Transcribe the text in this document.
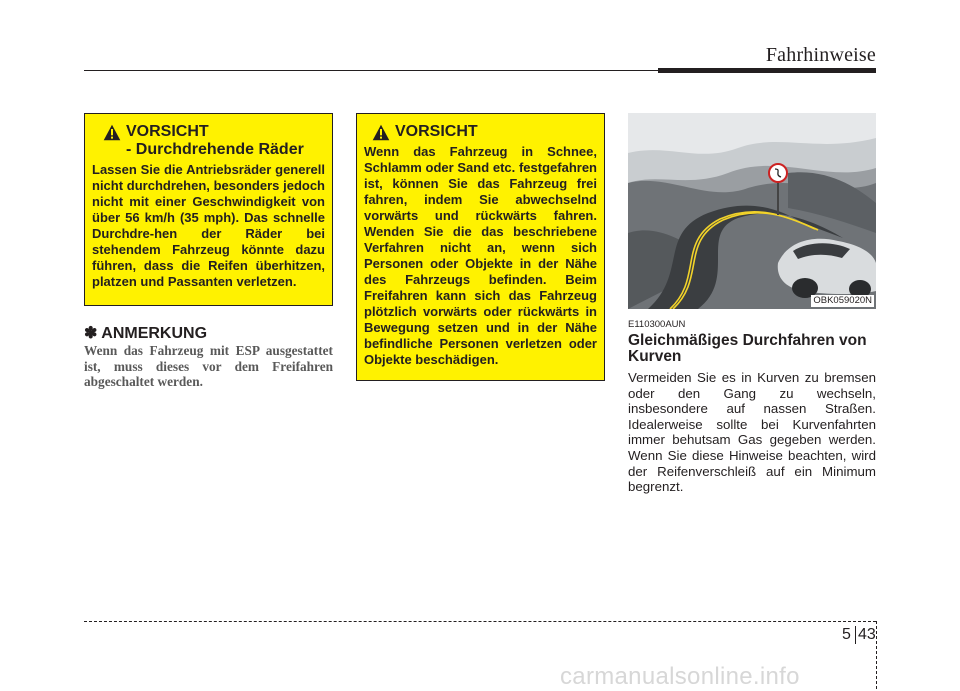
Fahrhinweise
VORSICHT
- Durchdrehende Räder
Lassen Sie die Antriebsräder generell nicht durchdrehen, besonders jedoch nicht mit einer Geschwindigkeit von über 56 km/h (35 mph). Das schnelle Durchdre-hen der Räder bei stehendem Fahrzeug könnte dazu führen, dass die Reifen überhitzen, platzen und Passanten verletzen.
✽ ANMERKUNG
Wenn das Fahrzeug mit ESP ausgestattet ist, muss dieses vor dem Freifahren abgeschaltet werden.
VORSICHT
Wenn das Fahrzeug in Schnee, Schlamm oder Sand etc. festgefahren ist, können Sie das Fahrzeug frei fahren, indem Sie abwechselnd vorwärts und rückwärts fahren. Wenden Sie die das beschriebene Verfahren nicht an, wenn sich Personen oder Objekte in der Nähe des Fahrzeugs befinden. Beim Freifahren kann sich das Fahrzeug plötzlich vorwärts oder rückwärts in Bewegung setzen und in der Nähe befindliche Personen verletzen oder Objekte beschädigen.
OBK059020N
E110300AUN
Gleichmäßiges Durchfahren von Kurven
Vermeiden Sie es in Kurven zu bremsen oder den Gang zu wechseln, insbesondere auf nassen Straßen. Idealerweise sollte bei Kurvenfahrten immer behutsam Gas gegeben werden. Wenn Sie diese Hinweise beachten, wird der Reifenverschleiß auf ein Minimum begrenzt.
5 43
carmanualsonline.info
